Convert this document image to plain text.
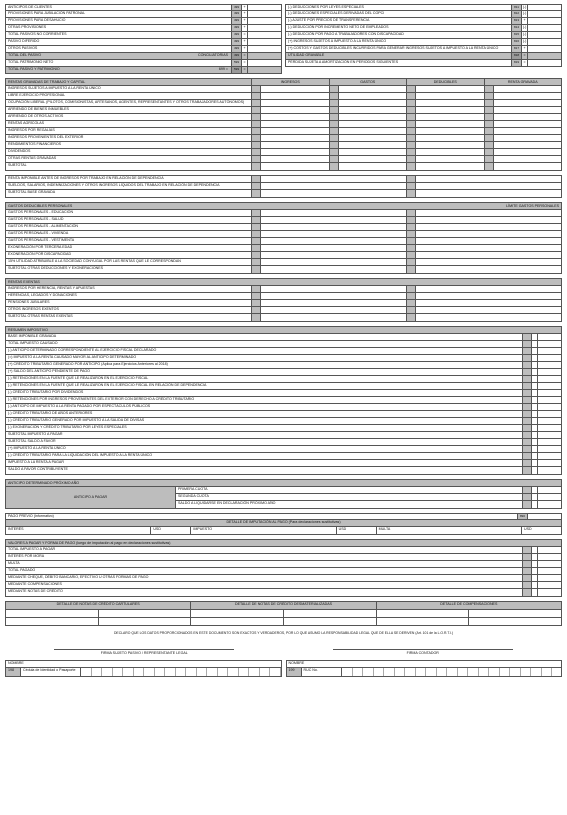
ANTICIPOS DE CLIENTES	499	+
PROVISIONES PARA JUBILACIÓN PATRONAL	499	+
PROVISIONES PARA DESAHUCIO	499	+
OTRAS PROVISIONES	499	+
TOTAL PASIVOS NO CORRIENTES	499	=
PASIVO DIFERIDO	499	+
OTROS PASIVOS	499	+
TOTAL DEL PASIVO	CONCILIATORIAS	499	=
TOTAL PATRIMONIO NETO	599	=
TOTAL PASIVO Y PATRIMONIO	699 =	599	=
(-) DEDUCCIONES POR LEYES ESPECIALES	811	(-)
(-) DEDUCCIONES ESPECIALES DERIVADAS DEL COPCI	812	(-)
(-) AJUSTE POR PRECIOS DE TRANSFERENCIA	813	+
(-) DEDUCCIÓN POR INCREMENTO NETO DE EMPLEADOS	814	(-)
(-) DEDUCCIÓN POR PAGO A TRABAJADORES CON DISCAPACIDAD	815	(-)
(+) INGRESOS SUJETOS A IMPUESTO A LA RENTA ÚNICO	816	(-)
(+) COSTOS Y GASTOS DEDUCIBLES INCURRIDOS PARA GENERAR INGRESOS SUJETOS A IMPUESTO A LA RENTA ÚNICO	817	+
UTILIDAD GRAVABLE	818	=
PÉRDIDA SUJETA A AMORTIZACIÓN EN PERIODOS SIGUIENTES	819	=
RENTAS GRAVADAS DE TRABAJO Y CAPITAL	INGRESOS	GASTOS	DEDUCIBLES	RENTA GRAVADA
INGRESOS SUJETOS A IMPUESTO A LA RENTA ÚNICO
LIBRE EJERCICIO PROFESIONAL
OCUPACIÓN LIBERAL (PILOTOS, COMISIONISTAS, ARTESANOS, AGENTES, REPRESENTANTES Y OTROS TRABAJADORES AUTÓNOMOS)
ARRIENDO DE BIENES INMUEBLES
ARRIENDO DE OTROS ACTIVOS
RENTAS AGRÍCOLAS
INGRESOS POR REGALÍAS
INGRESOS PROVENIENTES DEL EXTERIOR
RENDIMIENTOS FINANCIEROS
DIVIDENDOS
OTRAS RENTAS GRAVADAS
SUBTOTAL
RENTA IMPONIBLE ANTES DE INGRESOS POR TRABAJO EN RELACIÓN DE DEPENDENCIA
SUELDOS, SALARIOS, INDEMNIZACIONES Y OTROS INGRESOS LÍQUIDOS DEL TRABAJO EN RELACIÓN DE DEPENDENCIA
SUBTOTAL BASE GRAVADA
GASTOS DEDUCIBLES PERSONALES	LÍMITE GASTOS PERSONALES
GASTOS PERSONALES - EDUCACIÓN
GASTOS PERSONALES - SALUD
GASTOS PERSONALES - ALIMENTACIÓN
GASTOS PERSONALES - VIVIENDA
GASTOS PERSONALES - VESTIMENTA
EXONERACIÓN POR TERCERA EDAD
EXONERACIÓN POR DISCAPACIDAD
15% UTILIDAD ATRIBUIBLE A LA SOCIEDAD CONYUGAL POR LAS RENTAS QUE LE CORRESPONDAN
SUBTOTAL OTRAS DEDUCCIONES Y EXONERACIONES
RENTAS EXENTAS
INGRESOS POR HERENCIA, RENTAS Y APUESTAS
HERENCIAS, LEGADOS Y DONACIONES
PENSIONES JUBILARES
OTROS INGRESOS EXENTOS
SUBTOTAL OTRAS RENTAS EXENTAS
RESUMEN IMPOSITIVO
BASE IMPONIBLE GRAVADA
TOTAL IMPUESTO CAUSADO
(-) ANTICIPO DETERMINADO CORRESPONDIENTE AL EJERCICIO FISCAL DECLARADO
(=) IMPUESTO A LA RENTA CAUSADO MAYOR AL ANTICIPO DETERMINADO
(+) CRÉDITO TRIBUTARIO GENERADO POR ANTICIPO (Aplica para Ejercicios Anteriores al 2018)
(+) SALDO DEL ANTICIPO PENDIENTE DE PAGO
(-) RETENCIONES EN LA FUENTE QUE LE REALIZARON EN EL EJERCICIO FISCAL
(-) RETENCIONES EN LA FUENTE QUE LE REALIZARON EN EL EJERCICIO FISCAL EN RELACIÓN DE DEPENDENCIA
(-) CRÉDITO TRIBUTARIO POR DIVIDENDOS
(-) RETENCIONES POR INGRESOS PROVENIENTES DEL EXTERIOR CON DERECHO A CRÉDITO TRIBUTARIO
(-) ANTICIPO DE IMPUESTO A LA RENTA PAGADO POR ESPECTÁCULOS PÚBLICOS
(-) CRÉDITO TRIBUTARIO DE AÑOS ANTERIORES
(-) CRÉDITO TRIBUTARIO GENERADO POR IMPUESTO A LA SALIDA DE DIVISAS
(-) EXONERACIÓN Y CRÉDITO TRIBUTARIO POR LEYES ESPECIALES
SUBTOTAL IMPUESTO A PAGAR
SUBTOTAL SALDO A FAVOR
(+) IMPUESTO A LA RENTA ÚNICO
(-) CRÉDITO TRIBUTARIO PARA LA LIQUIDACIÓN DEL IMPUESTO A LA RENTA ÚNICO
IMPUESTO A LA RENTA A PAGAR
SALDO A FAVOR CONTRIBUYENTE
ANTICIPO DETERMINADO PRÓXIMO AÑO
ANTICIPO A PAGAR
PRIMERA CUOTA
SEGUNDA CUOTA
SALDO A LIQUIDARSE EN DECLARACIÓN PRÓXIMO AÑO
PAGO PREVIO (Informativo)	890
DETALLE DE IMPUTACIÓN AL PAGO (Para declaraciones sustitutivas)
INTERÉS	USD	IMPUESTO	USD	MULTA	USD
VALORES A PAGAR Y FORMA DE PAGO (luego de imputación al pago en declaraciones sustitutivas)
TOTAL IMPUESTO A PAGAR
INTERÉS POR MORA
MULTA
TOTAL PAGADO
MEDIANTE CHEQUE, DÉBITO BANCARIO, EFECTIVO U OTRAS FORMAS DE PAGO
MEDIANTE COMPENSACIONES
MEDIANTE NOTAS DE CRÉDITO
DETALLE DE NOTAS DE CRÉDITO CARTULARES	DETALLE DE NOTAS DE CRÉDITO DESMATERIALIZADAS	DETALLE DE COMPENSACIONES
DECLARO QUE LOS DATOS PROPORCIONADOS EN ESTE DOCUMENTO SON EXACTOS Y VERDADEROS, POR LO QUE ASUMO LA RESPONSABILIDAD LEGAL QUE DE ELLA SE DERIVEN (Art. 101 de la L.O.R.T.I.)
FIRMA SUJETO PASIVO / REPRESENTANTE LEGAL	FIRMA CONTADOR
NOMBRE
198	Cédula de Identidad o Pasaporte
NOMBRE
199	RUC No.
